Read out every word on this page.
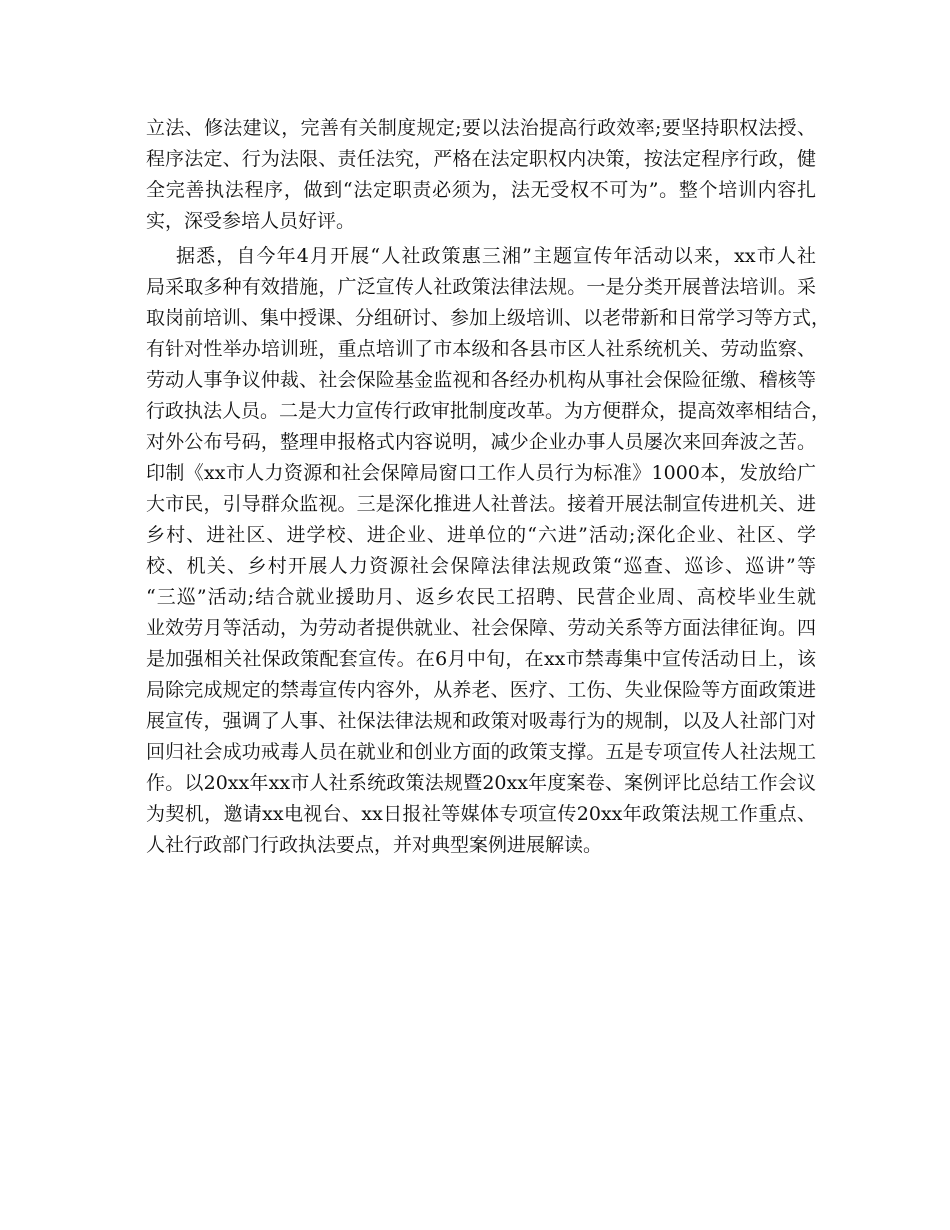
立法、修法建议，完善有关制度规定;要以法治提高行政效率;要坚持职权法授、
程序法定、行为法限、责任法究，严格在法定职权内决策，按法定程序行政，健
全完善执法程序，做到“法定职责必须为，法无受权不可为”。整个培训内容扎
实，深受参培人员好评。
据悉，自今年4月开展“人社政策惠三湘”主题宣传年活动以来，xx市人社
局采取多种有效措施，广泛宣传人社政策法律法规。一是分类开展普法培训。采
取岗前培训、集中授课、分组研讨、参加上级培训、以老带新和日常学习等方式，
有针对性举办培训班，重点培训了市本级和各县市区人社系统机关、劳动监察、
劳动人事争议仲裁、社会保险基金监视和各经办机构从事社会保险征缴、稽核等
行政执法人员。二是大力宣传行政审批制度改革。为方便群众，提高效率相结合，
对外公布号码，整理申报格式内容说明，减少企业办事人员屡次来回奔波之苦。
印制《xx市人力资源和社会保障局窗口工作人员行为标准》1000本，发放给广
大市民，引导群众监视。三是深化推进人社普法。接着开展法制宣传进机关、进
乡村、进社区、进学校、进企业、进单位的“六进”活动;深化企业、社区、学
校、机关、乡村开展人力资源社会保障法律法规政策“巡查、巡诊、巡讲”等
“三巡”活动;结合就业援助月、返乡农民工招聘、民营企业周、高校毕业生就
业效劳月等活动，为劳动者提供就业、社会保障、劳动关系等方面法律征询。四
是加强相关社保政策配套宣传。在6月中旬，在xx市禁毒集中宣传活动日上，该
局除完成规定的禁毒宣传内容外，从养老、医疗、工伤、失业保险等方面政策进
展宣传，强调了人事、社保法律法规和政策对吸毒行为的规制，以及人社部门对
回归社会成功戒毒人员在就业和创业方面的政策支撑。五是专项宣传人社法规工
作。以20xx年xx市人社系统政策法规暨20xx年度案卷、案例评比总结工作会议
为契机，邀请xx电视台、xx日报社等媒体专项宣传20xx年政策法规工作重点、
人社行政部门行政执法要点，并对典型案例进展解读。
